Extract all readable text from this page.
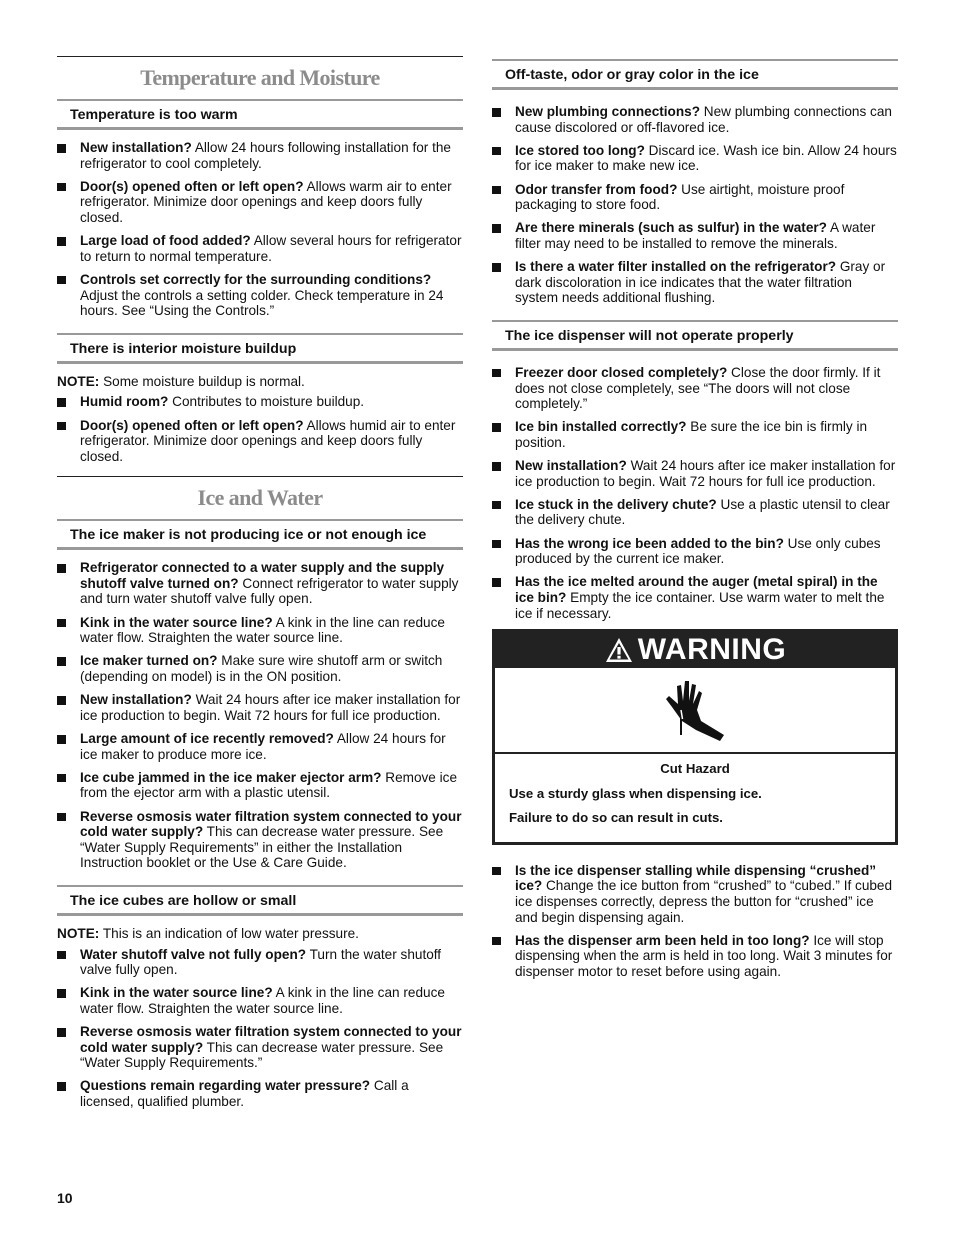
Temperature and Moisture
Temperature is too warm
New installation? Allow 24 hours following installation for the refrigerator to cool completely.
Door(s) opened often or left open? Allows warm air to enter refrigerator. Minimize door openings and keep doors fully closed.
Large load of food added? Allow several hours for refrigerator to return to normal temperature.
Controls set correctly for the surrounding conditions? Adjust the controls a setting colder. Check temperature in 24 hours. See “Using the Controls.”
There is interior moisture buildup
NOTE: Some moisture buildup is normal.
Humid room? Contributes to moisture buildup.
Door(s) opened often or left open? Allows humid air to enter refrigerator. Minimize door openings and keep doors fully closed.
Ice and Water
The ice maker is not producing ice or not enough ice
Refrigerator connected to a water supply and the supply shutoff valve turned on? Connect refrigerator to water supply and turn water shutoff valve fully open.
Kink in the water source line? A kink in the line can reduce water flow. Straighten the water source line.
Ice maker turned on? Make sure wire shutoff arm or switch (depending on model) is in the ON position.
New installation? Wait 24 hours after ice maker installation for ice production to begin. Wait 72 hours for full ice production.
Large amount of ice recently removed? Allow 24 hours for ice maker to produce more ice.
Ice cube jammed in the ice maker ejector arm? Remove ice from the ejector arm with a plastic utensil.
Reverse osmosis water filtration system connected to your cold water supply? This can decrease water pressure. See “Water Supply Requirements” in either the Installation Instruction booklet or the Use & Care Guide.
The ice cubes are hollow or small
NOTE: This is an indication of low water pressure.
Water shutoff valve not fully open? Turn the water shutoff valve fully open.
Kink in the water source line? A kink in the line can reduce water flow. Straighten the water source line.
Reverse osmosis water filtration system connected to your cold water supply? This can decrease water pressure. See “Water Supply Requirements.”
Questions remain regarding water pressure? Call a licensed, qualified plumber.
Off-taste, odor or gray color in the ice
New plumbing connections? New plumbing connections can cause discolored or off-flavored ice.
Ice stored too long? Discard ice. Wash ice bin. Allow 24 hours for ice maker to make new ice.
Odor transfer from food? Use airtight, moisture proof packaging to store food.
Are there minerals (such as sulfur) in the water? A water filter may need to be installed to remove the minerals.
Is there a water filter installed on the refrigerator? Gray or dark discoloration in ice indicates that the water filtration system needs additional flushing.
The ice dispenser will not operate properly
Freezer door closed completely? Close the door firmly. If it does not close completely, see “The doors will not close completely.”
Ice bin installed correctly? Be sure the ice bin is firmly in position.
New installation? Wait 24 hours after ice maker installation for ice production to begin. Wait 72 hours for full ice production.
Ice stuck in the delivery chute? Use a plastic utensil to clear the delivery chute.
Has the wrong ice been added to the bin? Use only cubes produced by the current ice maker.
Has the ice melted around the auger (metal spiral) in the ice bin? Empty the ice container. Use warm water to melt the ice if necessary.
WARNING
Cut Hazard
Use a sturdy glass when dispensing ice.
Failure to do so can result in cuts.
Is the ice dispenser stalling while dispensing “crushed” ice? Change the ice button from “crushed” to “cubed.” If cubed ice dispenses correctly, depress the button for “crushed” ice and begin dispensing again.
Has the dispenser arm been held in too long? Ice will stop dispensing when the arm is held in too long. Wait 3 minutes for dispenser motor to reset before using again.
10
